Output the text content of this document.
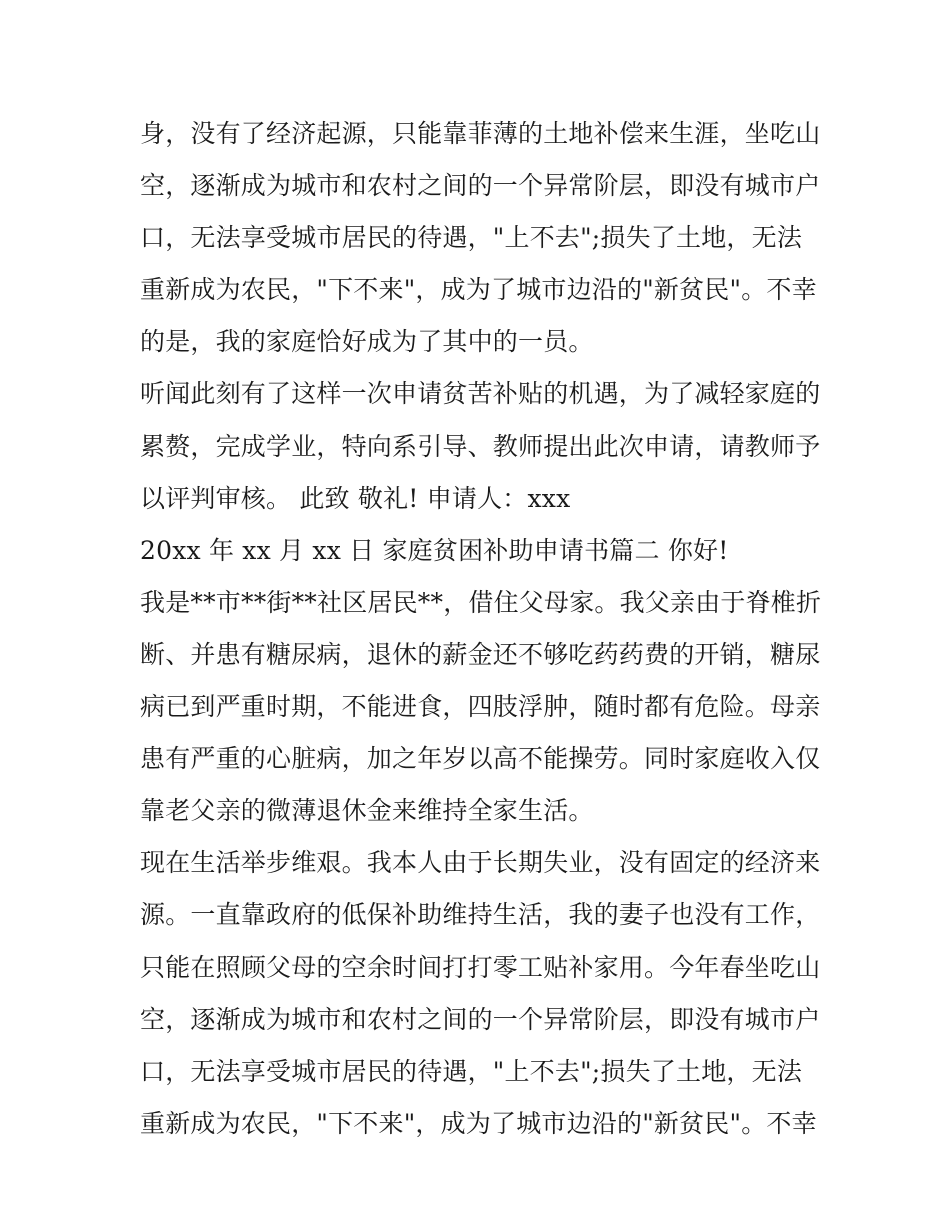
身，没有了经济起源，只能靠菲薄的土地补偿来生涯，坐吃山
空，逐渐成为城市和农村之间的一个异常阶层，即没有城市户
口，无法享受城市居民的待遇，"上不去";损失了土地，无法
重新成为农民，"下不来"，成为了城市边沿的"新贫民"。不幸
的是，我的家庭恰好成为了其中的一员。
听闻此刻有了这样一次申请贫苦补贴的机遇，为了减轻家庭的
累赘，完成学业，特向系引导、教师提出此次申请，请教师予
以评判审核。 此致 敬礼! 申请人：xxx
20xx 年 xx 月 xx 日 家庭贫困补助申请书篇二 你好!
我是**市**街**社区居民**，借住父母家。我父亲由于脊椎折
断、并患有糖尿病，退休的薪金还不够吃药药费的开销，糖尿
病已到严重时期，不能进食，四肢浮肿，随时都有危险。母亲
患有严重的心脏病，加之年岁以高不能操劳。同时家庭收入仅
靠老父亲的微薄退休金来维持全家生活。
现在生活举步维艰。我本人由于长期失业，没有固定的经济来
源。一直靠政府的低保补助维持生活，我的妻子也没有工作，
只能在照顾父母的空余时间打打零工贴补家用。今年春坐吃山
空，逐渐成为城市和农村之间的一个异常阶层，即没有城市户
口，无法享受城市居民的待遇，"上不去";损失了土地，无法
重新成为农民，"下不来"，成为了城市边沿的"新贫民"。不幸
